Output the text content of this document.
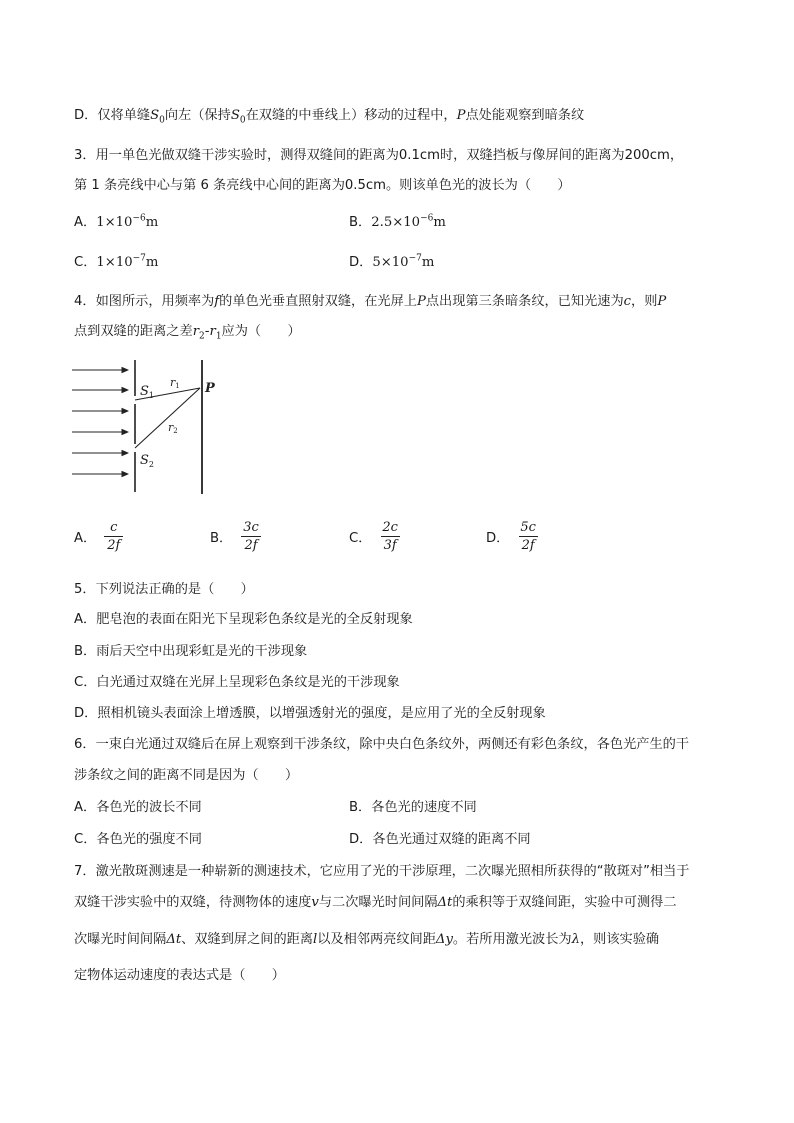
D．仅将单缝$S_0$向左（保持$S_0$在双缝的中垂线上）移动的过程中，P点处能观察到暗条纹
3．用一单色光做双缝干涉实验时，测得双缝间的距离为0.1cm时，双缝挡板与像屏间的距离为200cm，
第 1 条亮线中心与第 6 条亮线中心间的距离为0.5cm。则该单色光的波长为（　　）
A．$1\times 10^{-6}m$	B．$2.5\times 10^{-6}m$
C．$1\times 10^{-7}m$	D．$5\times 10^{-7}m$
4．如图所示，用频率为f的单色光垂直照射双缝，在光屏上P点出现第三条暗条纹，已知光速为c，则P
点到双缝的距离之差$r_2-r_1$应为（　　）
$S_1$
$S_2$
r1
r2
P
A． $\frac{c}{2f}$	B． $\frac{3c}{2f}$	C． $\frac{2c}{3f}$	D． $\frac{5c}{2f}$
5．下列说法正确的是（　　）
A．肥皂泡的表面在阳光下呈现彩色条纹是光的全反射现象
B．雨后天空中出现彩虹是光的干涉现象
C．白光通过双缝在光屏上呈现彩色条纹是光的干涉现象
D．照相机镜头表面涂上增透膜，以增强透射光的强度，是应用了光的全反射现象
6．一束白光通过双缝后在屏上观察到干涉条纹，除中央白色条纹外，两侧还有彩色条纹，各色光产生的干
涉条纹之间的距离不同是因为（　　）
A．各色光的波长不同	B．各色光的速度不同
C．各色光的强度不同	D．各色光通过双缝的距离不同
7．激光散斑测速是一种崭新的测速技术，它应用了光的干涉原理，二次曝光照相所获得的“散斑对”相当于
双缝干涉实验中的双缝，待测物体的速度v与二次曝光时间间隔Δt的乘积等于双缝间距，实验中可测得二
次曝光时间间隔Δt、双缝到屏之间的距离l以及相邻两亮纹间距Δy。若所用激光波长为λ，则该实验确
定物体运动速度的表达式是（　　）
